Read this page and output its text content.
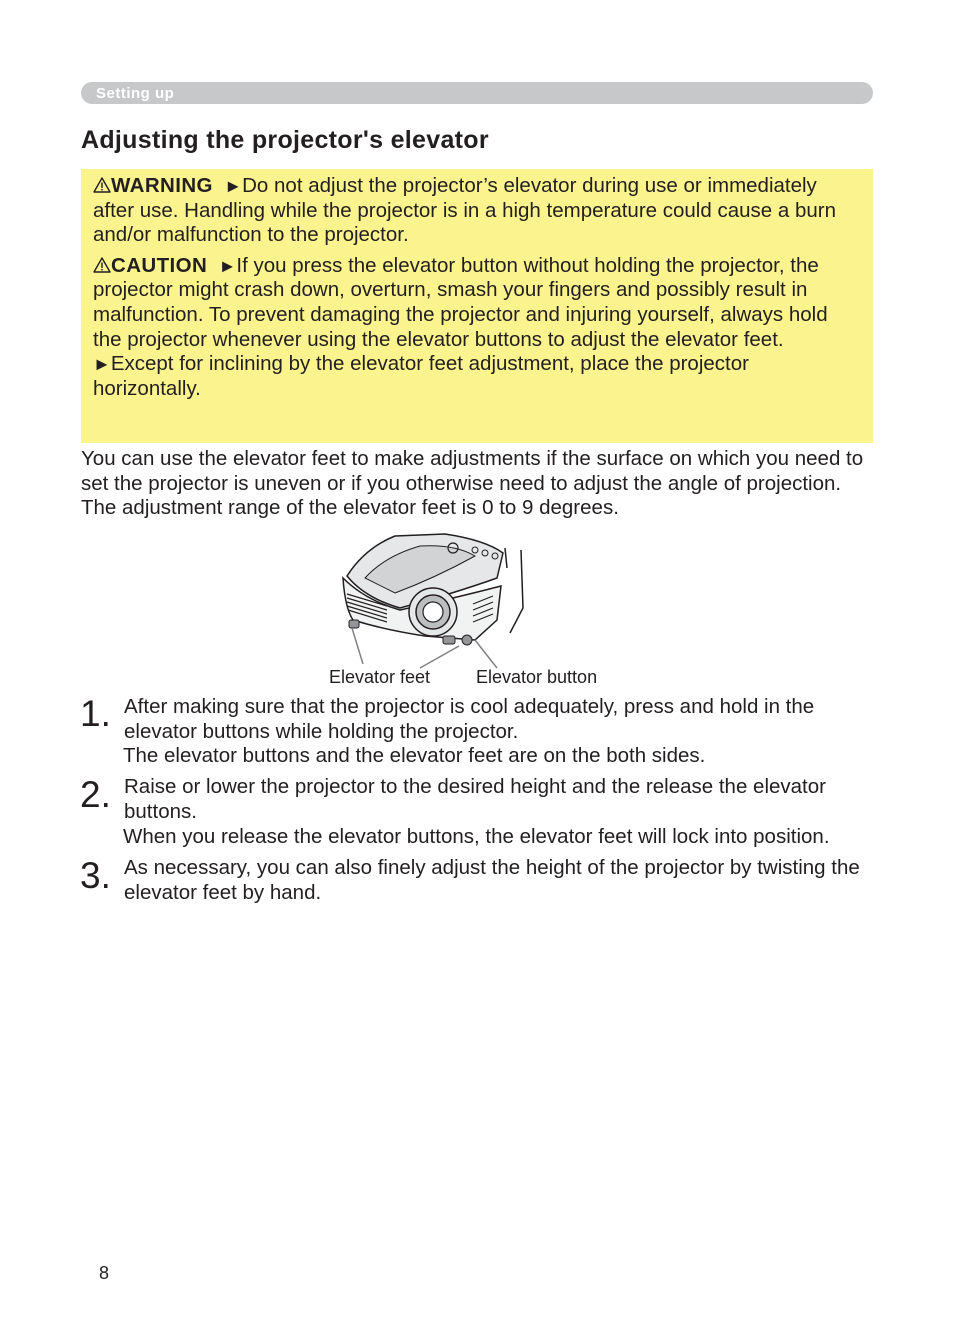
Setting up
Adjusting the projector's elevator

WARNING ►Do not adjust the projector’s elevator during use or immediately after use. Handling while the projector is in a high temperature could cause a burn and/or malfunction to the projector.

CAUTION ►If you press the elevator button without holding the projector, the projector might crash down, overturn, smash your fingers and possibly result in malfunction. To prevent damaging the projector and injuring yourself, always hold the projector whenever using the elevator buttons to adjust the elevator feet.

►Except for inclining by the elevator feet adjustment, place the projector horizontally.

You can use the elevator feet to make adjustments if the surface on which you need to set the projector is uneven or if you otherwise need to adjust the angle of projection. The adjustment range of the elevator feet is 0 to 9 degrees.

Elevator feet	Elevator button
1. After making sure that the projector is cool adequately, press and hold in the elevator buttons while holding the projector.

The elevator buttons and the elevator feet are on the both sides.

2. Raise or lower the projector to the desired height and the release the elevator buttons.

When you release the elevator buttons, the elevator feet will lock into position.

3. As necessary, you can also finely adjust the height of the projector by twisting the elevator feet by hand.

8
